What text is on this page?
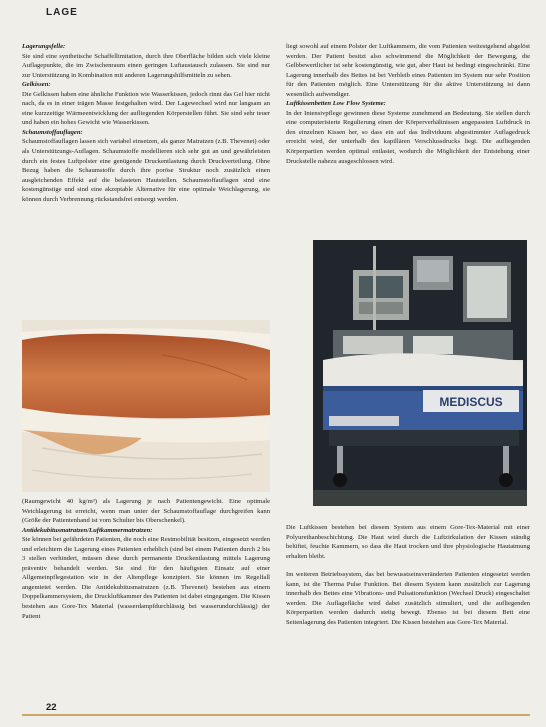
LAGE

Lagerungsfelle:
Sie sind eine synthetische Schaffellimitation, durch ihre Oberfläche bilden sich viele kleine Auflagepunkte, die im Zwischenraum einen geringen Luftaustausch zulassen. Sie sind nur zur Unterstützung in Kombination mit anderen Lagerungshilfsmitteln zu sehen.

Gelkissen:
Die Gelkissen haben eine ähnliche Funktion wie Wasserkissen, jedoch rinnt das Gel hier nicht nach, da es in einer trägen Masse festgehalten wird. Der Lagewechsel wird nur langsam an eine kurzzeitige Wärmeentwicklung der aufliegenden Körperstellen führt. Sie sind sehr teuer und haben ein hohes Gewicht wie Wasserkissen.

Schaumstoffauflagen:
Schaumstoffauflagen lassen sich variabel einsetzen, als ganze Matratzen (z.B. Thevenet) oder als Unterstützungs-Auflagen. Schaumstoffe modellieren sich sehr gut an und gewährleisten durch ein festes Luftpolster eine genügende Druckentlastung durch Druckverteilung. Ohne Bezug haben die Schaumstoffe durch ihre poröse Struktur noch zusätzlich einen ausgleichenden Effekt auf die belasteten Hautstellen. Schaumstoffauflagen sind eine kostengünstige und sind eine akzeptable Alternative für eine optimale Weichlagerung, sie können durch Verbrennung rückstandsfrei entsorgt werden.

(Raumgewicht 40 kg/m³) als Lagerung je nach Patientengewicht. Eine optimale Weichlagerung ist erreicht, wenn man unter der Schaumstoffauflage durchgreifen kann (Größe der Patientenhand ist vom Schulter bis Oberschenkel).

Antidekubitusmatratzen/Luftkammermatratzen:
Sie können bei gefährdeten Patienten, die noch eine Restmobilität besitzen, eingesetzt werden und erleichtern die Lagerung eines Patienten erheblich (sind bei einem Patienten durch 2 bis 3 stellen verhindert, müssen diese durch permanente Druckentlastung mittels Lagerung präventiv behandelt werden. Sie sind für den häufigsten Einsatz auf einer Allgemeinpflegestation wie in der Altenpflege konzipiert. Sie können im Regelfall angemietet werden. Die Antidekubitusmatratzen (z.B. Thevenet) bestehen aus einem Doppelkammersystem, die Druckluftkammer des Patienten ist dabei eingegangen. Die Kissen bestehen aus Gore-Tex Material (wasserdampfdurchlässig bei wasserundurchlässig) der Patient

liegt sowohl auf einem Polster der Luftkammern, die vom Patienten weitestgehend abgelöst werden. Der Patient besitzt also schwimmend die Möglichkeit der Bewegung, die Gelbbewertlicher ist sehr kostengünstig, wie gut, aber Haut ist bedingt eingeschränkt. Eine Lagerung innerhalb des Bettes ist bei Verbleib eines Patienten im System nur sehr Position für den Patienten möglich. Eine Unterstützung für die aktive Unterstützung ist dann wesentlich aufwendiger.

Luftkissenbetten Low Flow Systeme:
In der Intensivpflege gewinnen diese Systeme zunehmend an Bedeutung. Sie stellen durch eine computerisierte Regulierung einen der Körperverhältnissen angepassten Luftdruck in den einzelnen Kissen her, so dass ein auf das Individuum abgestimmter Auflagedruck erreicht wird, der unterhalb des kapillären Verschlussdrucks liegt. Die aufliegenden Körperpartien werden optimal entlastet, wodurch die Möglichkeit der Entstehung einer Druckstelle nahezu ausgeschlossen wird.

MEDISCUS

Die Luftkissen bestehen bei diesem System aus einem Gore-Tex-Material mit einer Polyurethanbeschichtung. Die Haut wird durch die Luftzirkulation der Kissen ständig belüftet, feuchte Kammern, so dass die Haut trocken und ihre physiologische Hautatmung erhalten bleibt.

Im weiteren Betriebssystem, das bei bewusstseinsveränderten Patienten eingesetzt werden kann, ist die Therma Pulse Funktion. Bei diesem System kann zusätzlich zur Lagerung innerhalb des Bettes eine Vibrations- und Pulsationsfunktion (Wechsel Druck) eingeschaltet werden. Die Auflagefläche wird dabei zusätzlich stimuliert, und die aufliegenden Körperpartien werden dadurch stetig bewegt. Ebenso ist bei diesem Bett eine Seitenlagerung des Patienten integriert. Die Kissen bestehen aus Gore-Tex Material.

22
